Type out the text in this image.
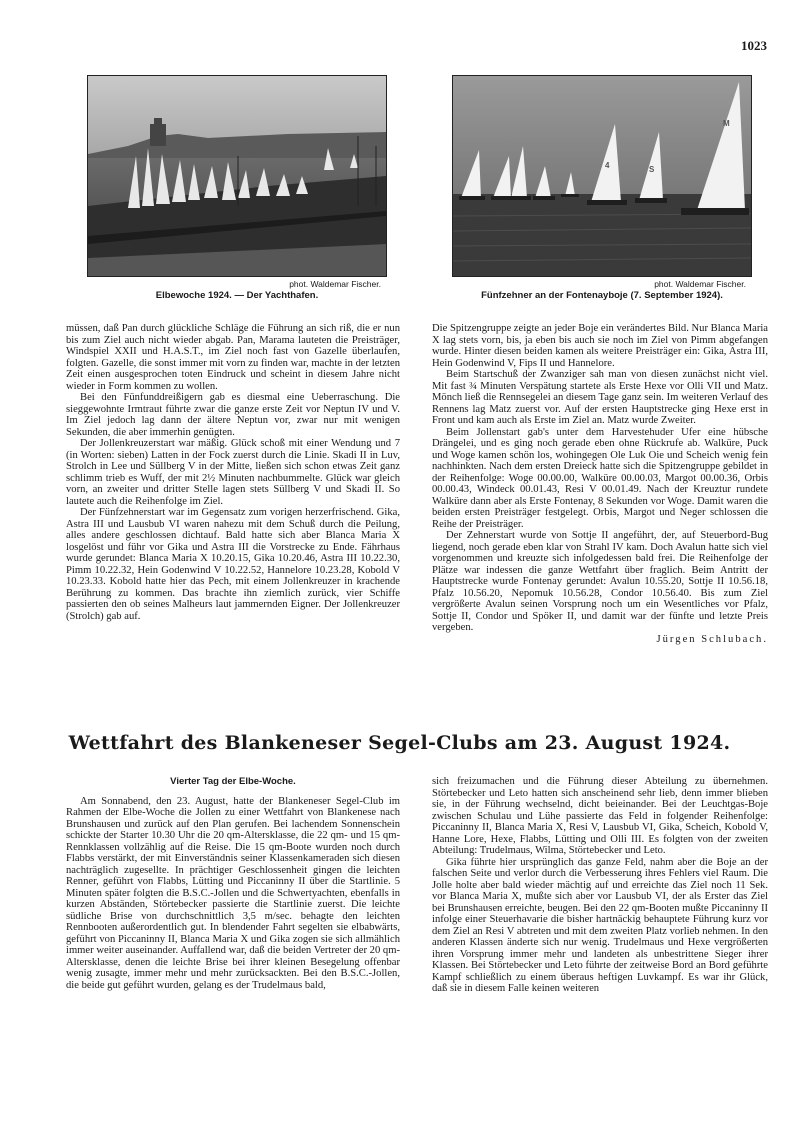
1023
phot. Waldemar Fischer.
Elbewoche 1924. — Der Yachthafen.
4	S
M
phot. Waldemar Fischer.
Fünfzehner an der Fontenayboje (7. September 1924).

müssen, daß Pan durch glückliche Schläge die Führung an sich riß, die er nun bis zum Ziel auch nicht wieder abgab. Pan, Marama lauteten die Preisträger, Windspiel XXII und H.A.S.T., im Ziel noch fast von Gazelle überlaufen, folgten. Gazelle, die sonst immer mit vorn zu finden war, machte in der letzten Zeit einen ausgesprochen toten Eindruck und scheint in diesem Jahre nicht wieder in Form kommen zu wollen.

Bei den Fünfunddreißigern gab es diesmal eine Ueberraschung. Die sieggewohnte Irmtraut führte zwar die ganze erste Zeit vor Neptun IV und V. Im Ziel jedoch lag dann der ältere Neptun vor, zwar nur mit wenigen Sekunden, die aber immerhin genügten.

Der Jollenkreuzerstart war mäßig. Glück schoß mit einer Wendung und 7 (in Worten: sieben) Latten in der Fock zuerst durch die Linie. Skadi II in Luv, Strolch in Lee und Süllberg V in der Mitte, ließen sich schon etwas Zeit ganz schlimm trieb es Wuff, der mit 2½ Minuten nachbummelte. Glück war gleich vorn, an zweiter und dritter Stelle lagen stets Süllberg V und Skadi II. So lautete auch die Reihenfolge im Ziel.

Der Fünfzehnerstart war im Gegensatz zum vorigen herzerfrischend. Gika, Astra III und Lausbub VI waren nahezu mit dem Schuß durch die Peilung, alles andere geschlossen dichtauf. Bald hatte sich aber Blanca Maria X losgelöst und führ vor Gika und Astra III die Vorstrecke zu Ende. Fährhaus wurde gerundet: Blanca Maria X 10.20.15, Gika 10.20.46, Astra III 10.22.30, Pimm 10.22.32, Hein Godenwind V 10.22.52, Hannelore 10.23.28, Kobold V 10.23.33. Kobold hatte hier das Pech, mit einem Jollenkreuzer in krachende Berührung zu kommen. Das brachte ihn ziemlich zurück, vier Schiffe passierten den ob seines Malheurs laut jammernden Eigner. Der Jollenkreuzer (Strolch) gab auf.

Die Spitzengruppe zeigte an jeder Boje ein verändertes Bild. Nur Blanca Maria X lag stets vorn, bis, ja eben bis auch sie noch im Ziel von Pimm abgefangen wurde. Hinter diesen beiden kamen als weitere Preisträger ein: Gika, Astra III, Hein Godenwind V, Fips II und Hannelore.

Beim Startschuß der Zwanziger sah man von diesen zunächst nicht viel. Mit fast ¾ Minuten Verspätung startete als Erste Hexe vor Olli VII und Matz. Mönch ließ die Rennsegelei an diesem Tage ganz sein. Im weiteren Verlauf des Rennens lag Matz zuerst vor. Auf der ersten Hauptstrecke ging Hexe erst in Front und kam auch als Erste im Ziel an. Matz wurde Zweiter.

Beim Jollenstart gab's unter dem Harvestehuder Ufer eine hübsche Drängelei, und es ging noch gerade eben ohne Rückrufe ab. Walküre, Puck und Woge kamen schön los, wohingegen Ole Luk Oie und Scheich wenig fein nachhinkten. Nach dem ersten Dreieck hatte sich die Spitzengruppe gebildet in der Reihenfolge: Woge 00.00.00, Walküre 00.00.03, Margot 00.00.36, Orbis 00.00.43, Windeck 00.01.43, Resi V 00.01.49. Nach der Kreuztur rundete Walküre dann aber als Erste Fontenay, 8 Sekunden vor Woge. Damit waren die beiden ersten Preisträger festgelegt. Orbis, Margot und Neger schlossen die Reihe der Preisträger.

Der Zehnerstart wurde von Sottje II angeführt, der, auf Steuerbord-Bug liegend, noch gerade eben klar von Strahl IV kam. Doch Avalun hatte sich viel vorgenommen und kreuzte sich infolgedessen bald frei. Die Reihenfolge der Plätze war indessen die ganze Wettfahrt über fraglich. Beim Antritt der Hauptstrecke wurde Fontenay gerundet: Avalun 10.55.20, Sottje II 10.56.18, Pfalz 10.56.20, Nepomuk 10.56.28, Condor 10.56.40. Bis zum Ziel vergrößerte Avalun seinen Vorsprung noch um ein Wesentliches vor Pfalz, Sottje II, Condor und Spöker II, und damit war der fünfte und letzte Preis vergeben.

Jürgen Schlubach.

Wettfahrt des Blankeneser Segel-Clubs am 23. August 1924.
Vierter Tag der Elbe-Woche.

Am Sonnabend, den 23. August, hatte der Blankeneser Segel-Club im Rahmen der Elbe-Woche die Jollen zu einer Wettfahrt von Blankenese nach Brunshausen und zurück auf den Plan gerufen. Bei lachendem Sonnenschein schickte der Starter 10.30 Uhr die 20 qm-Altersklasse, die 22 qm- und 15 qm-Rennklassen vollzählig auf die Reise. Die 15 qm-Boote wurden noch durch Flabbs verstärkt, der mit Einverständnis seiner Klassenkameraden sich diesen nachträglich zugesellte. In prächtiger Geschlossenheit gingen die leichten Renner, geführt von Flabbs, Lütting und Piccaninny II über die Startlinie. 5 Minuten später folgten die B.S.C.-Jollen und die Schwertyachten, ebenfalls in kurzen Abständen, Störtebecker passierte die Startlinie zuerst. Die leichte südliche Brise von durchschnittlich 3,5 m/sec. behagte den leichten Rennbooten außerordentlich gut. In blendender Fahrt segelten sie elbabwärts, geführt von Piccaninny II, Blanca Maria X und Gika zogen sie sich allmählich immer weiter auseinander. Auffallend war, daß die beiden Vertreter der 20 qm-Altersklasse, denen die leichte Brise bei ihrer kleinen Besegelung offenbar wenig zusagte, immer mehr und mehr zurücksackten. Bei den B.S.C.-Jollen, die beide gut geführt wurden, gelang es der Trudelmaus bald,

sich freizumachen und die Führung dieser Abteilung zu übernehmen. Störtebecker und Leto hatten sich anscheinend sehr lieb, denn immer blieben sie, in der Führung wechselnd, dicht beieinander. Bei der Leuchtgas-Boje zwischen Schulau und Lühe passierte das Feld in folgender Reihenfolge: Piccaninny II, Blanca Maria X, Resi V, Lausbub VI, Gika, Scheich, Kobold V, Hanne Lore, Hexe, Flabbs, Lütting und Olli III. Es folgten von der zweiten Abteilung: Trudelmaus, Wilma, Störtebecker und Leto.

Gika führte hier ursprünglich das ganze Feld, nahm aber die Boje an der falschen Seite und verlor durch die Verbesserung ihres Fehlers viel Raum. Die Jolle holte aber bald wieder mächtig auf und erreichte das Ziel noch 11 Sek. vor Blanca Maria X, mußte sich aber vor Lausbub VI, der als Erster das Ziel bei Brunshausen erreichte, beugen. Bei den 22 qm-Booten mußte Piccaninny II infolge einer Steuerhavarie die bisher hartnäckig behauptete Führung kurz vor dem Ziel an Resi V abtreten und mit dem zweiten Platz vorlieb nehmen. In den anderen Klassen änderte sich nur wenig. Trudelmaus und Hexe vergrößerten ihren Vorsprung immer mehr und landeten als unbestrittene Sieger ihrer Klassen. Bei Störtebecker und Leto führte der zeitweise Bord an Bord geführte Kampf schließlich zu einem überaus heftigen Luvkampf. Es war ihr Glück, daß sie in diesem Falle keinen weiteren
